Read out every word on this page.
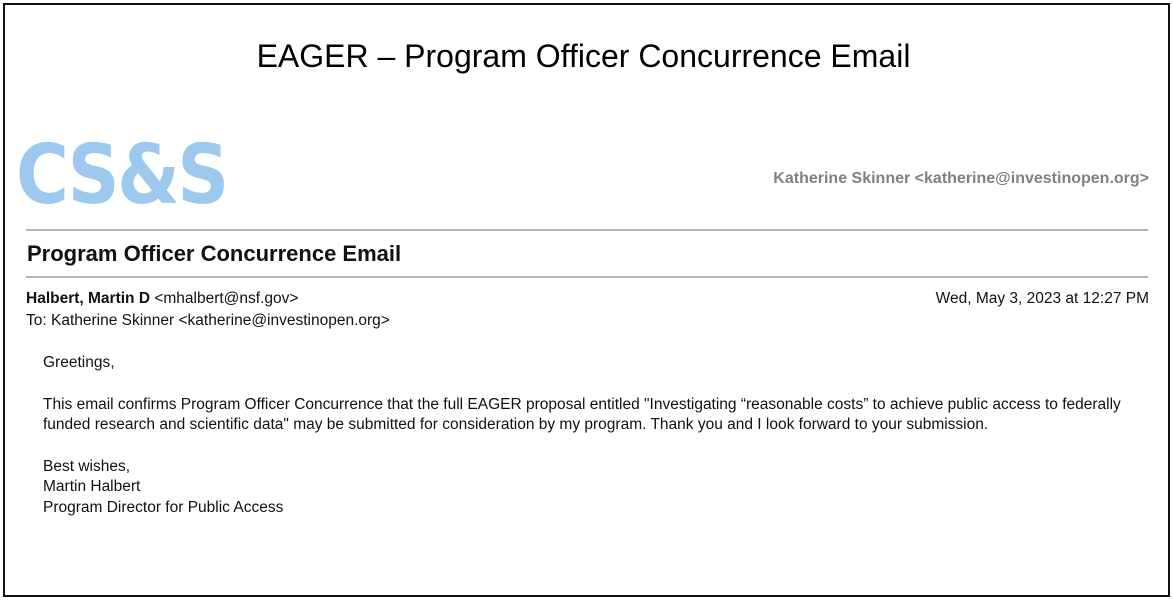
EAGER – Program Officer Concurrence Email
CS&S	Katherine Skinner <katherine@investinopen.org>
Program Officer Concurrence Email
Halbert, Martin D <mhalbert@nsf.gov>	Wed, May 3, 2023 at 12:27 PM
To: Katherine Skinner <katherine@investinopen.org>

Greetings,

This email confirms Program Officer Concurrence that the full EAGER proposal entitled "Investigating “reasonable costs” to achieve public access to federally funded research and scientific data" may be submitted for consideration by my program. Thank you and I look forward to your submission.

Best wishes,

Martin Halbert

Program Director for Public Access
